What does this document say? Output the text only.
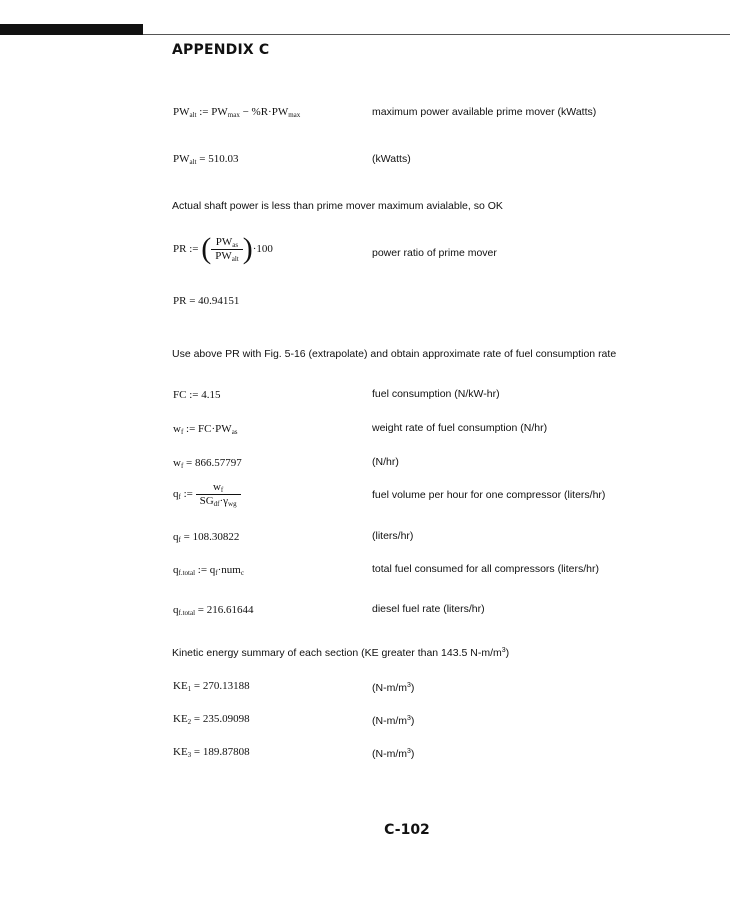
APPENDIX C
$PW_{alt}$ := $PW_{max} - \%R\cdot PW_{max}$	maximum power available prime mover (kWatts)
$PW_{alt} = 510.03$	(kWatts)
Actual shaft power is less than prime mover maximum avialable, so OK
PR := ( $\frac{PW_{as}}{PW_{alt}} )\cdot 100$	power ratio of prime mover
PR = 40.94151
Use above PR with Fig. 5-16 (extrapolate) and obtain approximate rate of fuel consumption rate
FC := 4.15	fuel consumption (N/kW-hr)
$w_f$ := $FC\cdot PW_{as}$	weight rate of fuel consumption (N/hr)
$w_f = 866.57797$	(N/hr)
$q_f$ := $\frac{w_f}{SG_{df}\cdot\gamma_{wg}}$	fuel volume per hour for one compressor (liters/hr)
$q_f = 108.30822$	(liters/hr)
$q_{f.total}$ := $q_f\cdot num_c$	total fuel consumed for all compressors (liters/hr)
$q_{f.total} = 216.61644$	diesel fuel rate (liters/hr)
Kinetic energy summary of each section (KE greater than 143.5 $N-m/m^3$)
$KE_1 = 270.13188$	$(N-m/m^3)$
$KE_2 = 235.09098$	$(N-m/m^3)$
$KE_3 = 189.87808$	$(N-m/m^3)$
C-102
